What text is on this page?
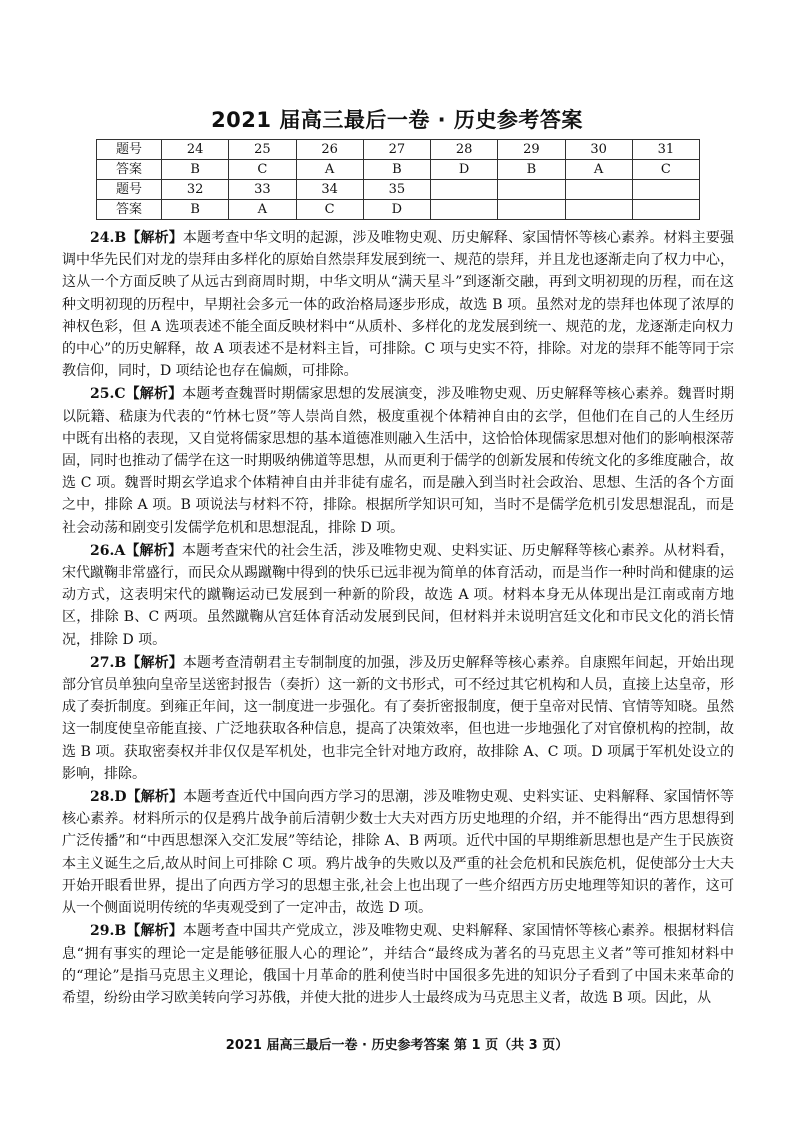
2021 届高三最后一卷 · 历史参考答案
题号	24	25	26	27	28	29	30	31
答案	B	C	A	B	D	B	A	C
题号	32	33	34	35				
答案	B	A	C	D				
24.B【解析】本题考查中华文明的起源，涉及唯物史观、历史解释、家国情怀等核心素养。材料主要强调中华先民们对龙的崇拜由多样化的原始自然崇拜发展到统一、规范的崇拜，并且龙也逐渐走向了权力中心，这从一个方面反映了从远古到商周时期，中华文明从“满天星斗”到逐渐交融，再到文明初现的历程，而在这种文明初现的历程中，早期社会多元一体的政治格局逐步形成，故选 B 项。虽然对龙的崇拜也体现了浓厚的神权色彩，但 A 选项表述不能全面反映材料中“从质朴、多样化的龙发展到统一、规范的龙，龙逐渐走向权力的中心”的历史解释，故 A 项表述不是材料主旨，可排除。C 项与史实不符，排除。对龙的崇拜不能等同于宗教信仰，同时，D 项结论也存在偏颇，可排除。
25.C【解析】本题考查魏晋时期儒家思想的发展演变，涉及唯物史观、历史解释等核心素养。魏晋时期以阮籍、嵇康为代表的“竹林七贤”等人崇尚自然，极度重视个体精神自由的玄学，但他们在自己的人生经历中既有出格的表现，又自觉将儒家思想的基本道德准则融入生活中，这恰恰体现儒家思想对他们的影响根深蒂固，同时也推动了儒学在这一时期吸纳佛道等思想，从而更利于儒学的创新发展和传统文化的多维度融合，故选 C 项。魏晋时期玄学追求个体精神自由并非徒有虚名，而是融入到当时社会政治、思想、生活的各个方面之中，排除 A 项。B 项说法与材料不符，排除。根据所学知识可知，当时不是儒学危机引发思想混乱，而是社会动荡和剧变引发儒学危机和思想混乱，排除 D 项。
26.A【解析】本题考查宋代的社会生活，涉及唯物史观、史料实证、历史解释等核心素养。从材料看，宋代蹴鞠非常盛行，而民众从踢蹴鞠中得到的快乐已远非视为简单的体育活动，而是当作一种时尚和健康的运动方式，这表明宋代的蹴鞠运动已发展到一种新的阶段，故选 A 项。材料本身无从体现出是江南或南方地区，排除 B、C 两项。虽然蹴鞠从宫廷体育活动发展到民间，但材料并未说明宫廷文化和市民文化的消长情况，排除 D 项。
27.B【解析】本题考查清朝君主专制制度的加强，涉及历史解释等核心素养。自康熙年间起，开始出现部分官员单独向皇帝呈送密封报告（奏折）这一新的文书形式，可不经过其它机构和人员，直接上达皇帝，形成了奏折制度。到雍正年间，这一制度进一步强化。有了奏折密报制度，便于皇帝对民情、官情等知晓。虽然这一制度使皇帝能直接、广泛地获取各种信息，提高了决策效率，但也进一步地强化了对官僚机构的控制，故选 B 项。获取密奏权并非仅仅是军机处，也非完全针对地方政府，故排除 A、C 项。D 项属于军机处设立的影响，排除。
28.D【解析】本题考查近代中国向西方学习的思潮，涉及唯物史观、史料实证、史料解释、家国情怀等核心素养。材料所示的仅是鸦片战争前后清朝少数士大夫对西方历史地理的介绍，并不能得出“西方思想得到广泛传播”和“中西思想深入交汇发展”等结论，排除 A、B 两项。近代中国的早期维新思想也是产生于民族资本主义诞生之后,故从时间上可排除 C 项。鸦片战争的失败以及严重的社会危机和民族危机，促使部分士大夫开始开眼看世界，提出了向西方学习的思想主张,社会上也出现了一些介绍西方历史地理等知识的著作，这可从一个侧面说明传统的华夷观受到了一定冲击，故选 D 项。
29.B【解析】本题考查中国共产党成立，涉及唯物史观、史料解释、家国情怀等核心素养。根据材料信息“拥有事实的理论一定是能够征服人心的理论”，并结合“最终成为著名的马克思主义者”等可推知材料中的“理论”是指马克思主义理论，俄国十月革命的胜利使当时中国很多先进的知识分子看到了中国未来革命的希望，纷纷由学习欧美转向学习苏俄，并使大批的进步人士最终成为马克思主义者，故选 B 项。因此，从
2021 届高三最后一卷 · 历史参考答案 第 1 页（共 3 页）
